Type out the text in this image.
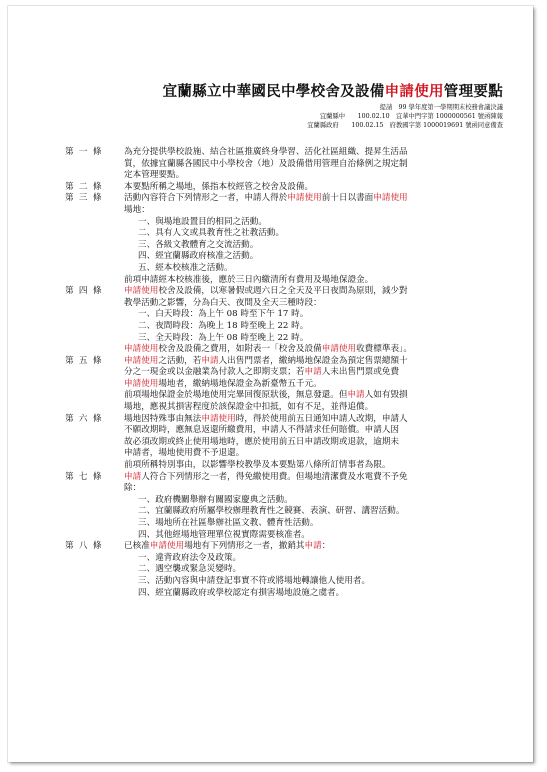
宜蘭縣立中華國民中學校舍及設備申請使用管理要點
提請　99 學年度第一學期期末校務會議決議
宜蘭縣中　　100.02.10　宜華中門字第 1000000561 號函陳報
宜蘭縣政府　　100.02.15　府教國字第 1000019691 號函同意備查
第 一 條	為充分提供學校設施、結合社區推廣終身學習、活化社區組織、提昇生活品
質，依據宜蘭縣各國民中小學校舍（地）及設備借用管理自治條例之規定制
定本管理要點。
第 二 條	本要點所稱之場地，係指本校經管之校舍及設備。
第 三 條	活動內容符合下列情形之一者，申請人得於申請使用前十日以書面申請使用
場地：
一、與場地設置目的相同之活動。
二、具有人文或具教育性之社教活動。
三、各級文教體育之交流活動。
四、經宜蘭縣政府核准之活動。
五、經本校核准之活動。
前項申請經本校核准後，應於三日內繳清所有費用及場地保證金。
第 四 條	申請使用校舍及設備，以寒暑假或週六日之全天及平日夜間為原則，減少對
教學活動之影響，分為白天、夜間及全天三種時段：
一、白天時段：為上午 08 時至下午 17 時。
二、夜間時段：為晚上 18 時至晚上 22 時。
三、全天時段：為上午 08 時至晚上 22 時。
申請使用校舍及設備之費用，如附表一「校舍及設備申請使用收費標準表」。
第 五 條	申請使用之活動，若申請人出售門票者，繳納場地保證金為預定售票總額十
分之一現金或以金融業為付款人之即期支票；若申請人未出售門票或免費
申請使用場地者，繳納場地保證金為新臺幣五千元。
前項場地保證金於場地使用完畢回復原狀後，無息發還。但申請人如有毀損
場地，應視其損害程度於該保證金中扣抵，如有不足，並得追償。
第 六 條	場地因特殊事由無法申請使用時，得於使用前五日通知申請人改期，申請人
不願改期時，應無息返還所繳費用，申請人不得請求任何賠償。申請人因
故必須改期或終止使用場地時，應於使用前五日申請改期或退款，逾期未
申請者，場地使用費不予退還。
前項所稱特別事由，以影響學校教學及本要點第八條所訂情事者為限。
第 七 條	申請人符合下列情形之一者，得免繳使用費。但場地清潔費及水電費不予免
除：
一、政府機關舉辦有關國家慶典之活動。
二、宜蘭縣政府所屬學校辦理教育性之競賽、表演、研習、講習活動。
三、場地所在社區舉辦社區文教、體育性活動。
四、其他經場地管理單位視實際需要核准者。
第 八 條	已核准申請使用場地有下列情形之一者，撤銷其申請：
一、違背政府法令及政策。
二、遇空襲或緊急災變時。
三、活動內容與申請登記事實不符或將場地轉讓他人使用者。
四、經宜蘭縣政府或學校認定有損害場地設施之虞者。
